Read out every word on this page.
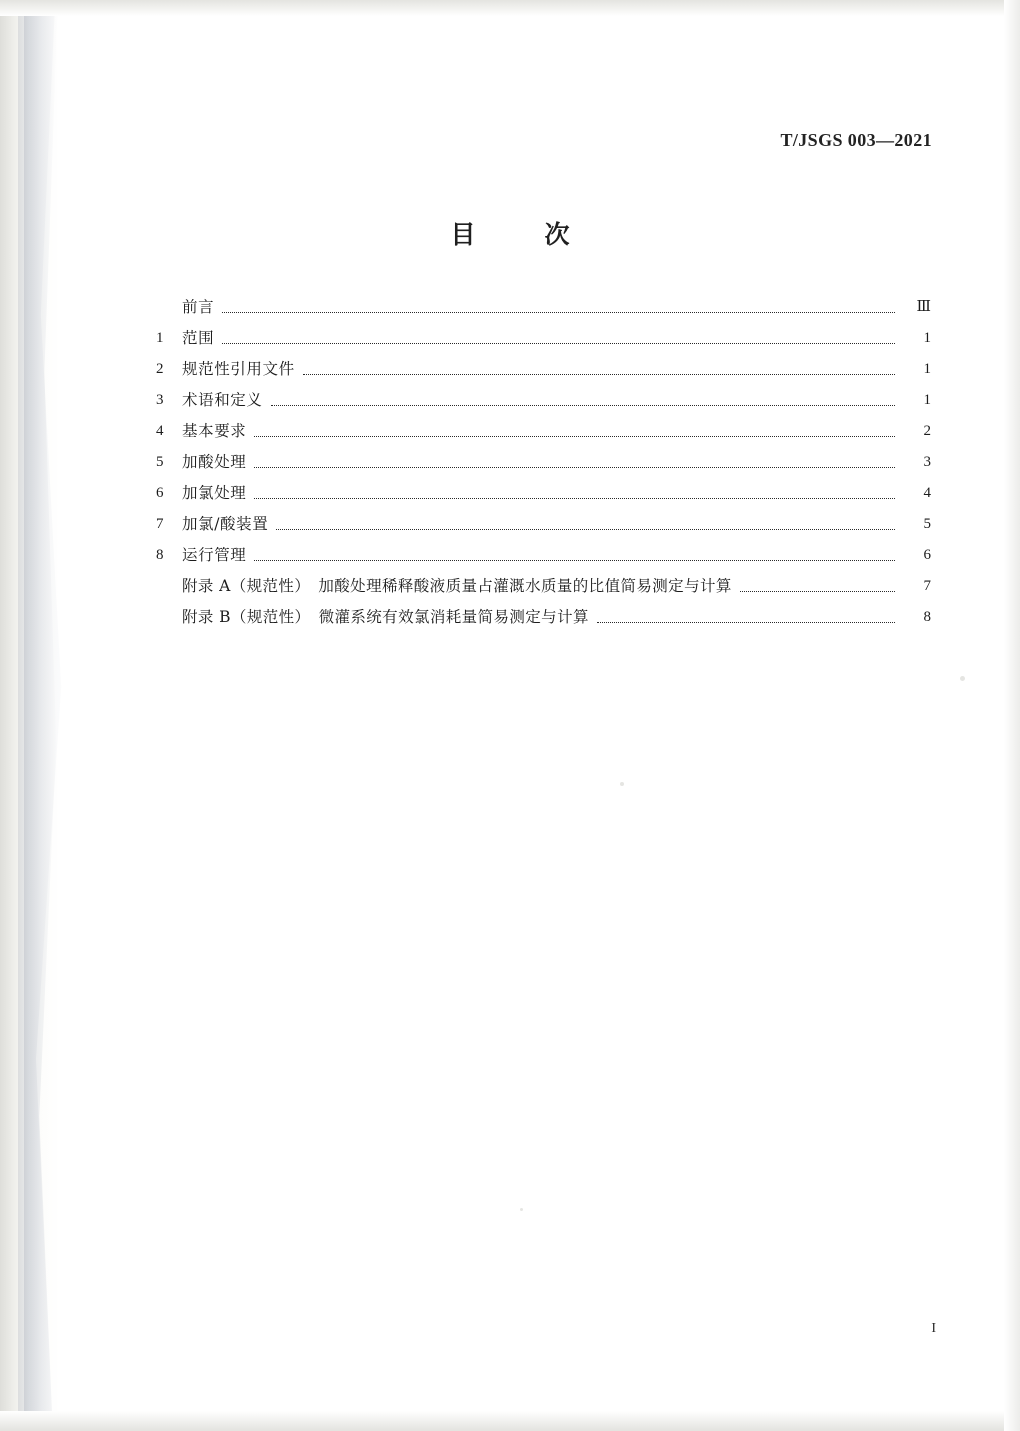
T/JSGS 003—2021
目　次
前言	Ⅲ
1	范围	1
2	规范性引用文件	1
3	术语和定义	1
4	基本要求	2
5	加酸处理	3
6	加氯处理	4
7	加氯/酸装置	5
8	运行管理	6
附录 A（规范性）　加酸处理稀释酸液质量占灌溉水质量的比值简易测定与计算	7
附录 B（规范性）　微灌系统有效氯消耗量简易测定与计算	8
I
